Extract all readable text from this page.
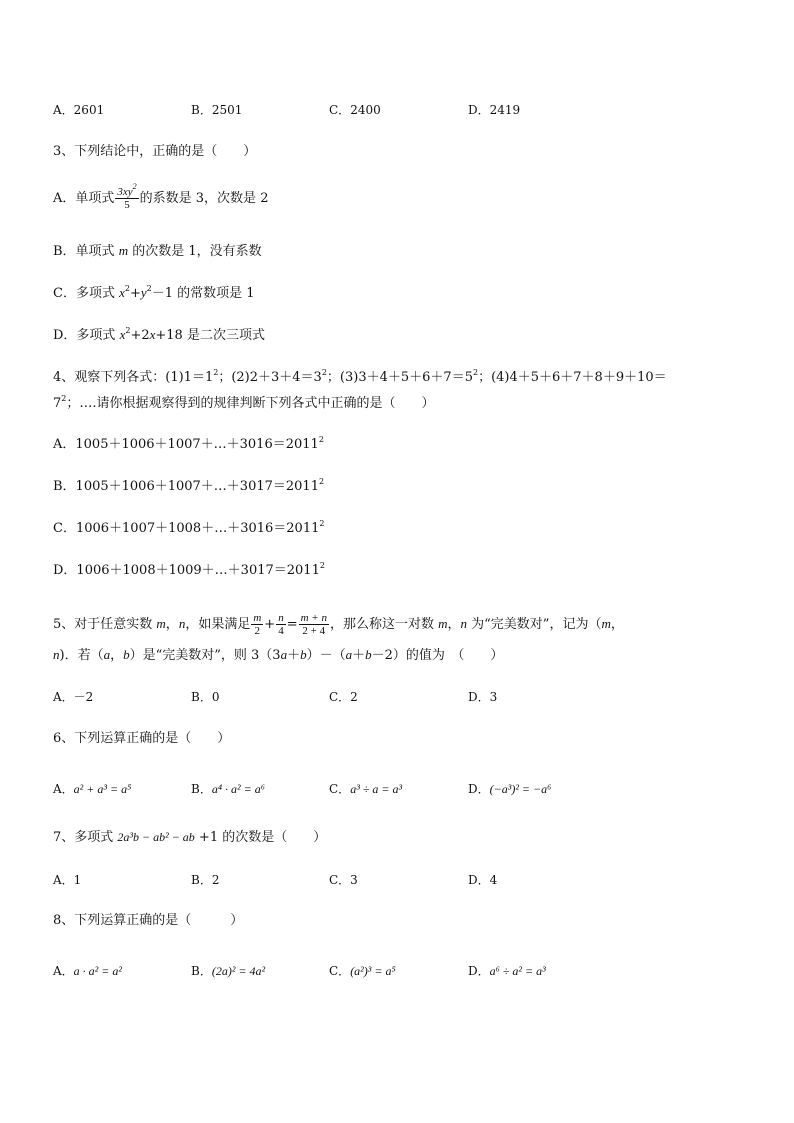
A．2601	B．2501	C．2400	D．2419
3、下列结论中，正确的是（　　）
A．单项式 $\frac{3xy^2}{5}$ 的系数是 3，次数是 2
B．单项式 m 的次数是 1，没有系数
C．多项式 $x^2+y^2-1$ 的常数项是 1
D．多项式 $x^2+2x+18$ 是二次三项式
4、观察下列各式：$(1)1=1^2$；$(2)2+3+4=3^2$；$(3)3+4+5+6+7=5^2$；(4)4＋5＋6＋7＋8＋9＋10＝
$7^2$；….请你根据观察得到的规律判断下列各式中正确的是（　　）
A．$1005+1006+1007+\dots+3016=2011^2$
B．$1005+1006+1007+\dots+3017=2011^2$
C．$1006+1007+1008+\dots+3016=2011^2$
D．$1006+1008+1009+\dots+3017=2011^2$
5、对于任意实数 m，n，如果满足 $\frac{m}{2} + \frac{n}{4} = \frac{m + n}{2 + 4}$ ，那么称这一对数 m，n 为“完美数对”，记为（m，
n)．若（a，b）是“完美数对”，则 3（3a＋b）－（a＋b－2）的值为　（　　）
A．－2	B．0	C．2	D．3
6、下列运算正确的是（　　）
A．a² + a³ = a⁵	B．a⁴ · a² = a⁶	C．a³ ÷ a = a³	D．(−a³)² = −a⁶
7、多项式 2a³b − ab² − ab +1 的次数是（　　）
A．1	B．2	C．3	D．4
8、下列运算正确的是（　　　）
A．a · a² = a²	B．(2a)² = 4a²	C．(a²)³ = a⁵	D．a⁶ ÷ a² = a³
